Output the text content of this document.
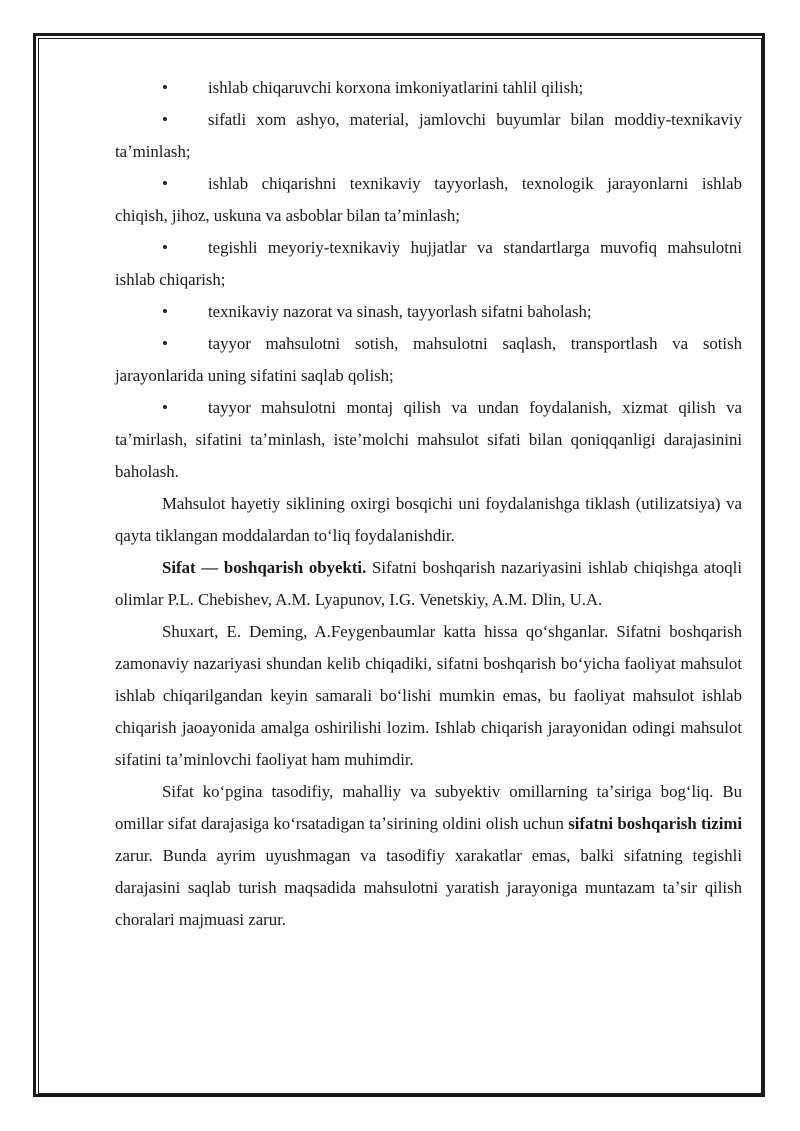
• ishlab chiqaruvchi korxona imkoniyatlarini tahlil qilish;

• sifatli xom ashyo, material, jamlovchi buyumlar bilan moddiy-texnikaviy taʼminlash;

• ishlab chiqarishni texnikaviy tayyorlash, texnologik jarayonlarni ishlab chiqish, jihoz, uskuna va asboblar bilan taʼminlash;

• tegishli meyoriy-texnikaviy hujjatlar va standartlarga muvofiq mahsulotni ishlab chiqarish;

• texnikaviy nazorat va sinash, tayyorlash sifatni baholash;

• tayyor mahsulotni sotish, mahsulotni saqlash, transportlash va sotish jarayonlarida uning sifatini saqlab qolish;

• tayyor mahsulotni montaj qilish va undan foydalanish, xizmat qilish va taʼmirlash, sifatini taʼminlash, isteʼmolchi mahsulot sifati bilan qoniqqanligi darajasinini baholash.

Mahsulot hayetiy siklining oxirgi bosqichi uni foydalanishga tiklash (utilizatsiya) va qayta tiklangan moddalardan toʻliq foydalanishdir.

Sifat — boshqarish obyekti. Sifatni boshqarish nazariyasini ishlab chiqishga atoqli olimlar P.L. Chebishev, A.M. Lyapunov, I.G. Venetskiy, A.M. Dlin, U.A.

Shuxart, E. Deming, A.Feygenbaumlar katta hissa qoʻshganlar. Sifatni boshqarish zamonaviy nazariyasi shundan kelib chiqadiki, sifatni boshqarish boʻyicha faoliyat mahsulot ishlab chiqarilgandan keyin samarali boʻlishi mumkin emas, bu faoliyat mahsulot ishlab chiqarish jaoayonida amalga oshirilishi lozim. Ishlab chiqarish jarayonidan odingi mahsulot sifatini taʼminlovchi faoliyat ham muhimdir.

Sifat koʻpgina tasodifiy, mahalliy va subyektiv omillarning taʼsiriga bogʻliq. Bu omillar sifat darajasiga koʻrsatadigan taʼsirining oldini olish uchun sifatni boshqarish tizimi zarur. Bunda ayrim uyushmagan va tasodifiy xarakatlar emas, balki sifatning tegishli darajasini saqlab turish maqsadida mahsulotni yaratish jarayoniga muntazam taʼsir qilish choralari majmuasi zarur.
